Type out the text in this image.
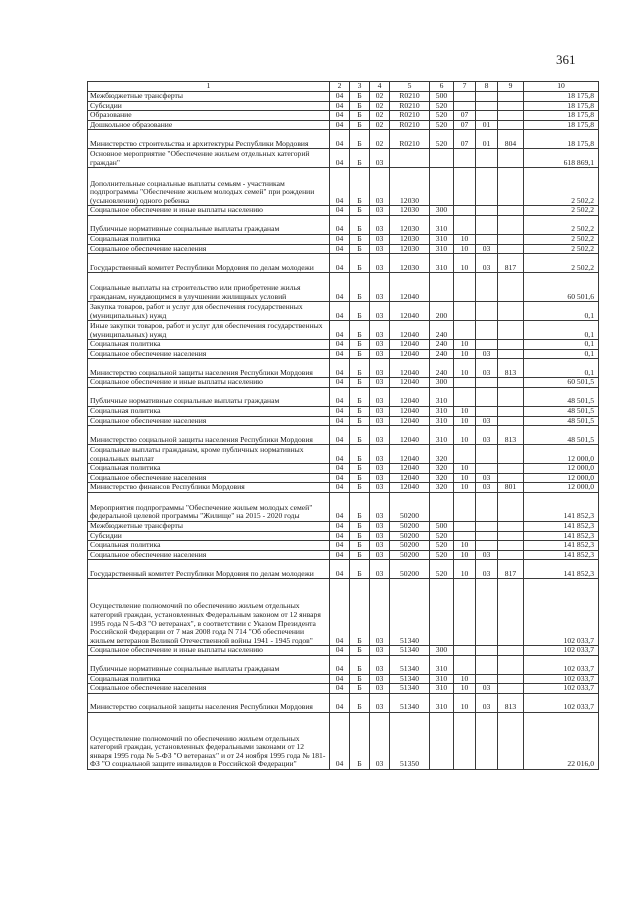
361
1	2	3	4	5	6	7	8	9	10
Межбюджетные трансферты	04	Б	02	R0210	500				18 175,8
Субсидии	04	Б	02	R0210	520				18 175,8
Образование	04	Б	02	R0210	520	07			18 175,8
Дошкольное образование	04	Б	02	R0210	520	07	01		18 175,8
Министерство строительства и архитектуры Республики Мордовия	04	Б	02	R0210	520	07	01	804	18 175,8
Основное мероприятие "Обеспечение жильем отдельных категорий граждан"	04	Б	03						618 869,1
Дополнительные социальные выплаты семьям - участникам подпрограммы "Обеспечение жильем молодых семей" при рождении (усыновлении) одного ребенка	04	Б	03	12030					2 502,2
Социальное обеспечение и иные выплаты населению	04	Б	03	12030	300				2 502,2
Публичные нормативные социальные выплаты гражданам	04	Б	03	12030	310				2 502,2
Социальная политика	04	Б	03	12030	310	10			2 502,2
Социальное обеспечение населения	04	Б	03	12030	310	10	03		2 502,2
Государственный комитет Республики Мордовия по делам молодежи	04	Б	03	12030	310	10	03	817	2 502,2
Социальные выплаты на строительство или приобретение жилья гражданам, нуждающимся в улучшении жилищных условий	04	Б	03	12040					60 501,6
Закупка товаров, работ и услуг для обеспечения государственных (муниципальных) нужд	04	Б	03	12040	200				0,1
Иные закупки товаров, работ и услуг для обеспечения государственных (муниципальных) нужд	04	Б	03	12040	240				0,1
Социальная политика	04	Б	03	12040	240	10			0,1
Социальное обеспечение населения	04	Б	03	12040	240	10	03		0,1
Министерство социальной защиты населения Республики Мордовия	04	Б	03	12040	240	10	03	813	0,1
Социальное обеспечение и иные выплаты населению	04	Б	03	12040	300				60 501,5
Публичные нормативные социальные выплаты гражданам	04	Б	03	12040	310				48 501,5
Социальная политика	04	Б	03	12040	310	10			48 501,5
Социальное обеспечение населения	04	Б	03	12040	310	10	03		48 501,5
Министерство социальной защиты населения Республики Мордовия	04	Б	03	12040	310	10	03	813	48 501,5
Социальные выплаты гражданам, кроме публичных нормативных социальных выплат	04	Б	03	12040	320				12 000,0
Социальная политика	04	Б	03	12040	320	10			12 000,0
Социальное обеспечение населения	04	Б	03	12040	320	10	03		12 000,0
Министерство финансов Республики Мордовия	04	Б	03	12040	320	10	03	801	12 000,0
Мероприятия подпрограммы "Обеспечение жильем молодых семей" федеральной целевой программы "Жилище" на 2015 - 2020 годы	04	Б	03	50200					141 852,3
Межбюджетные трансферты	04	Б	03	50200	500				141 852,3
Субсидии	04	Б	03	50200	520				141 852,3
Социальная политика	04	Б	03	50200	520	10			141 852,3
Социальное обеспечение населения	04	Б	03	50200	520	10	03		141 852,3
Государственный комитет Республики Мордовия по делам молодежи	04	Б	03	50200	520	10	03	817	141 852,3
Осуществление полномочий по обеспечению жильем отдельных категорий граждан, установленных Федеральным законом от 12 января 1995 года N 5-ФЗ "О ветеранах", в соответствии с Указом Президента Российской Федерации от 7 мая 2008 года N 714 "Об обеспечении жильем ветеранов Великой Отечественной войны 1941 - 1945 годов"	04	Б	03	51340					102 033,7
Социальное обеспечение и иные выплаты населению	04	Б	03	51340	300				102 033,7
Публичные нормативные социальные выплаты гражданам	04	Б	03	51340	310				102 033,7
Социальная политика	04	Б	03	51340	310	10			102 033,7
Социальное обеспечение населения	04	Б	03	51340	310	10	03		102 033,7
Министерство социальной защиты населения Республики Мордовия	04	Б	03	51340	310	10	03	813	102 033,7
Осуществление полномочий по обеспечению жильем отдельных категорий граждан, установленных федеральными законами от 12 января 1995 года № 5-ФЗ "О ветеранах" и от 24 ноября 1995 года № 181-ФЗ "О социальной защите инвалидов в Российской Федерации"	04	Б	03	51350					22 016,0
